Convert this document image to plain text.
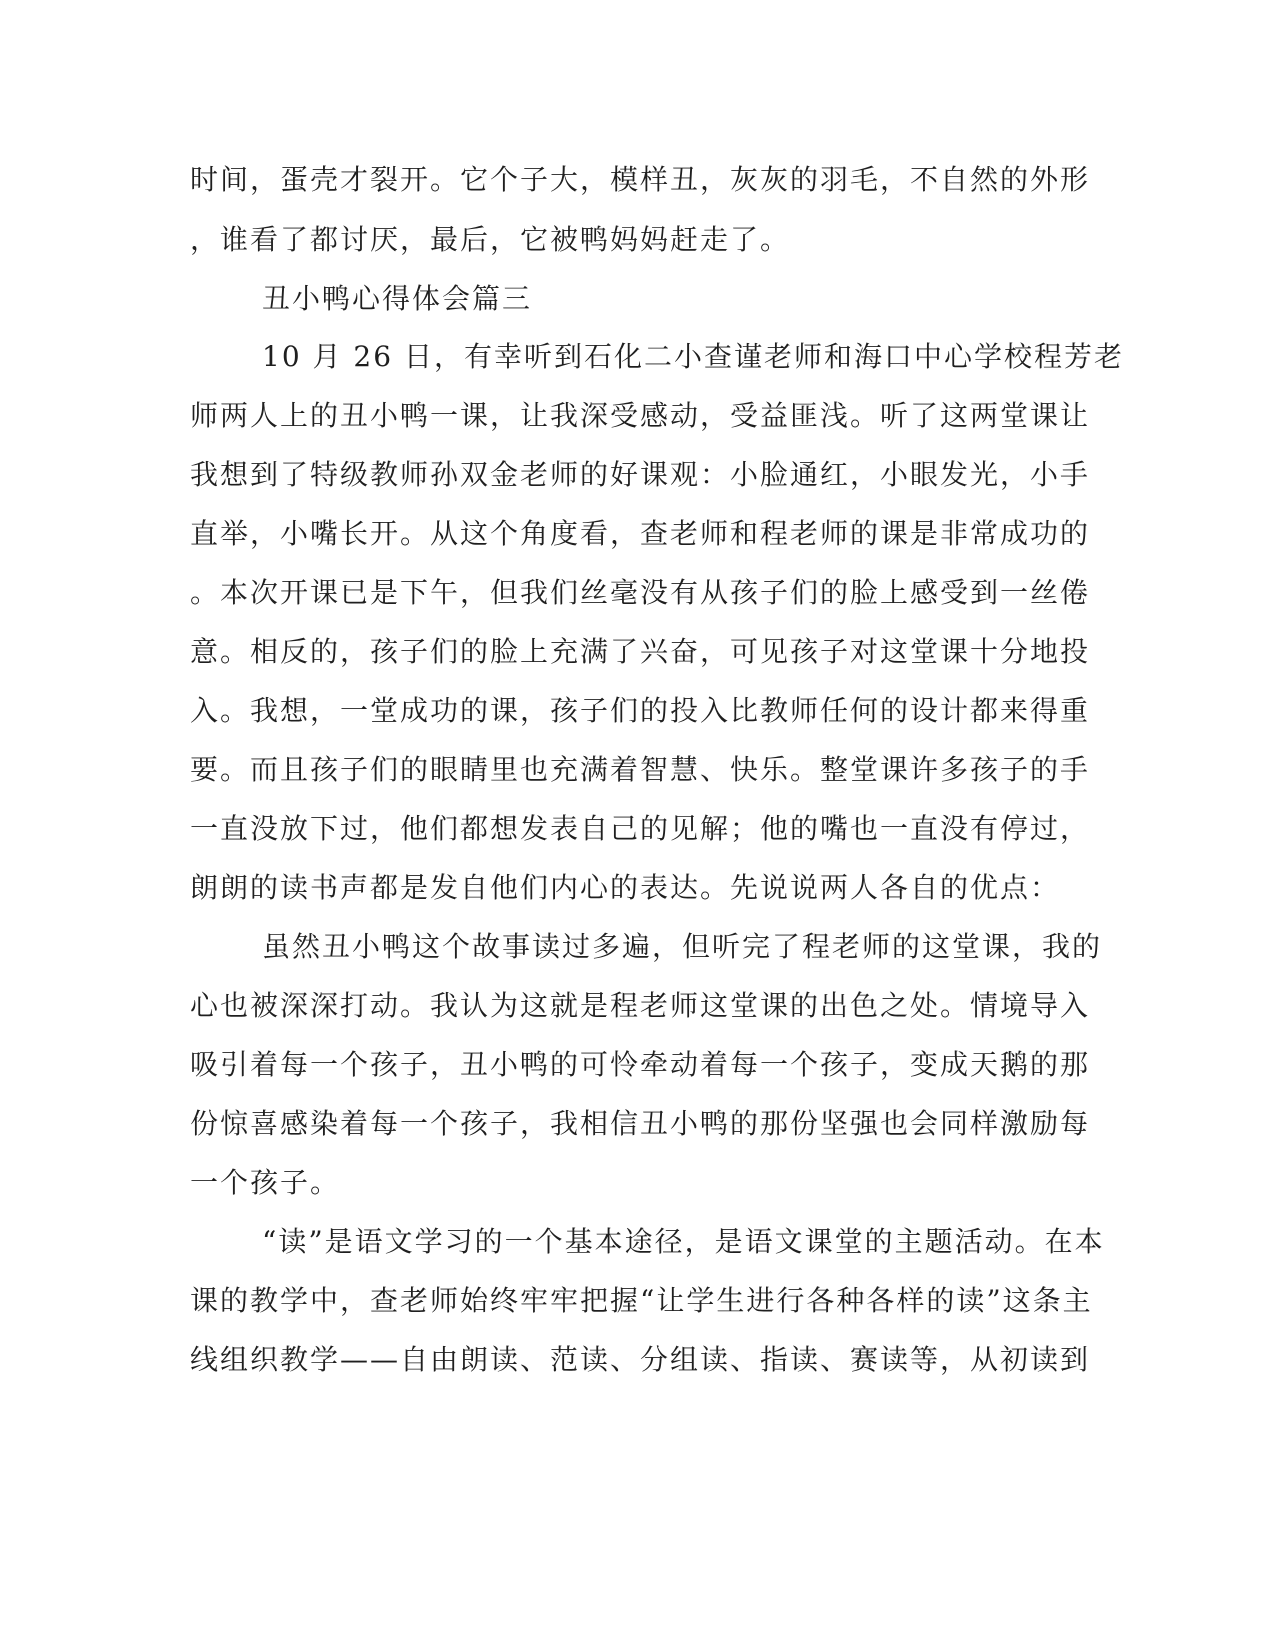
时间，蛋壳才裂开。它个子大，模样丑，灰灰的羽毛，不自然的外形
，谁看了都讨厌，最后，它被鸭妈妈赶走了。
丑小鸭心得体会篇三
10 月 26 日，有幸听到石化二小查谨老师和海口中心学校程芳老
师两人上的丑小鸭一课，让我深受感动，受益匪浅。听了这两堂课让
我想到了特级教师孙双金老师的好课观：小脸通红，小眼发光，小手
直举，小嘴长开。从这个角度看，查老师和程老师的课是非常成功的
。本次开课已是下午，但我们丝毫没有从孩子们的脸上感受到一丝倦
意。相反的，孩子们的脸上充满了兴奋，可见孩子对这堂课十分地投
入。我想，一堂成功的课，孩子们的投入比教师任何的设计都来得重
要。而且孩子们的眼睛里也充满着智慧、快乐。整堂课许多孩子的手
一直没放下过，他们都想发表自己的见解；他的嘴也一直没有停过，
朗朗的读书声都是发自他们内心的表达。先说说两人各自的优点：
虽然丑小鸭这个故事读过多遍，但听完了程老师的这堂课，我的
心也被深深打动。我认为这就是程老师这堂课的出色之处。情境导入
吸引着每一个孩子，丑小鸭的可怜牵动着每一个孩子，变成天鹅的那
份惊喜感染着每一个孩子，我相信丑小鸭的那份坚强也会同样激励每
一个孩子。
“读”是语文学习的一个基本途径，是语文课堂的主题活动。在本
课的教学中，查老师始终牢牢把握“让学生进行各种各样的读”这条主
线组织教学——自由朗读、范读、分组读、指读、赛读等，从初读到
